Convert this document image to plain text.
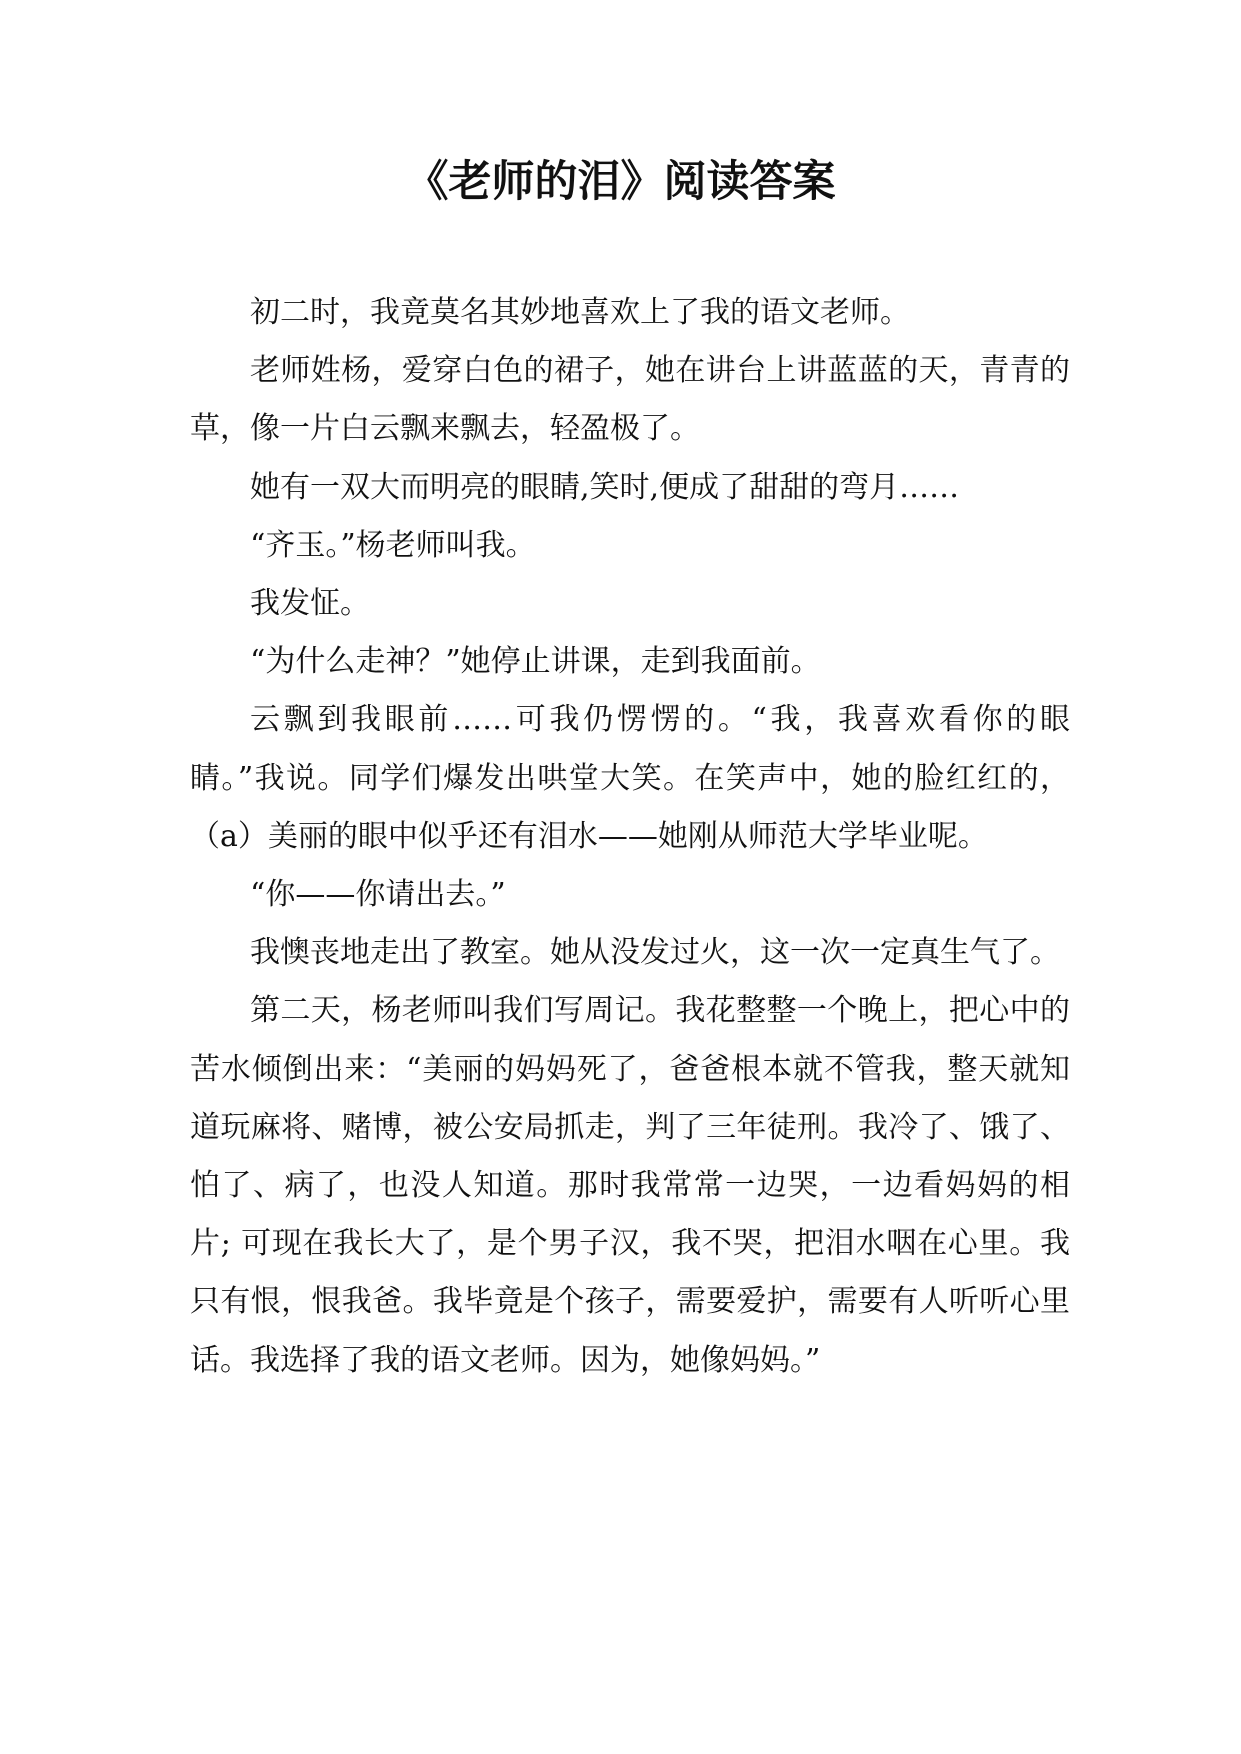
《老师的泪》阅读答案

初二时，我竟莫名其妙地喜欢上了我的语文老师。

老师姓杨，爱穿白色的裙子，她在讲台上讲蓝蓝的天，青青的草，像一片白云飘来飘去，轻盈极了。

她有一双大而明亮的眼睛,笑时,便成了甜甜的弯月……

“齐玉。”杨老师叫我。

我发怔。

“为什么走神？”她停止讲课，走到我面前。

云飘到我眼前……可我仍愣愣的。“我，我喜欢看你的眼睛。”我说。同学们爆发出哄堂大笑。在笑声中，她的脸红红的，（a）美丽的眼中似乎还有泪水——她刚从师范大学毕业呢。

“你——你请出去。”

我懊丧地走出了教室。她从没发过火，这一次一定真生气了。

第二天，杨老师叫我们写周记。我花整整一个晚上，把心中的苦水倾倒出来：“美丽的妈妈死了，爸爸根本就不管我，整天就知道玩麻将、赌博，被公安局抓走，判了三年徒刑。我冷了、饿了、怕了、病了，也没人知道。那时我常常一边哭，一边看妈妈的相片; 可现在我长大了，是个男子汉，我不哭，把泪水咽在心里。我只有恨，恨我爸。我毕竟是个孩子，需要爱护，需要有人听听心里话。我选择了我的语文老师。因为，她像妈妈。”
